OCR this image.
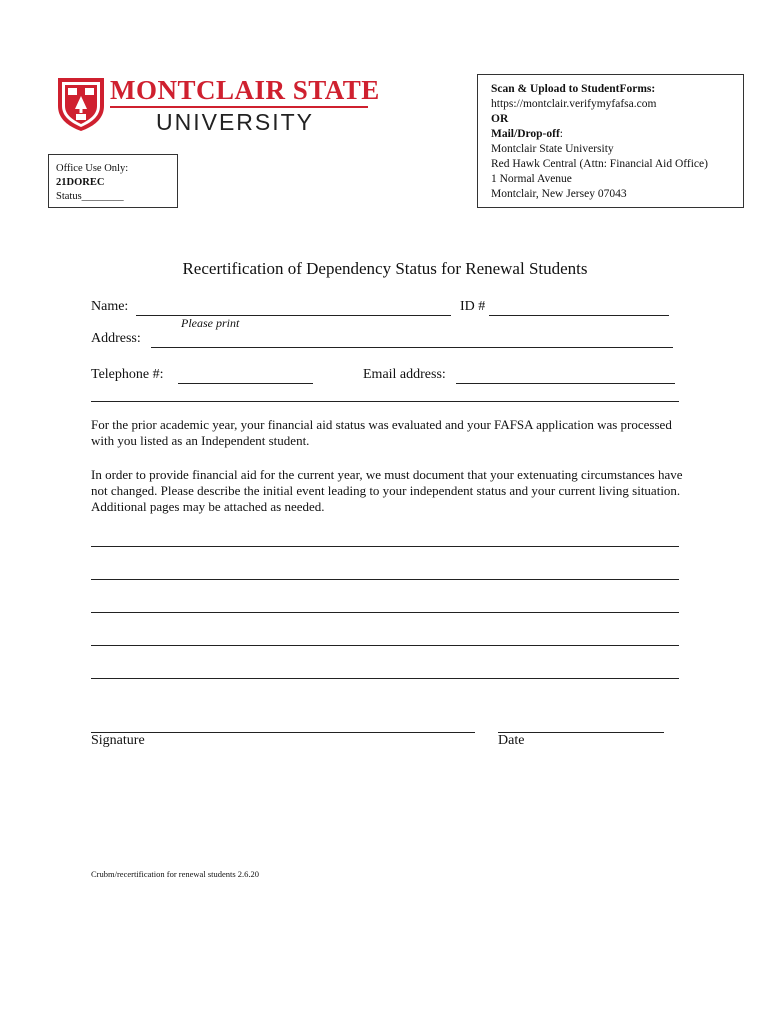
MONTCLAIR STATE
UNIVERSITY
Office Use Only:
21DOREC
Status________
Scan & Upload to StudentForms:
https://montclair.verifymyfafsa.com
OR
Mail/Drop-off:
Montclair State University
Red Hawk Central (Attn: Financial Aid Office)
1 Normal Avenue
Montclair, New Jersey 07043
Recertification of Dependency Status for Renewal Students
Name:	ID #
Please print
Address:
Telephone #:	Email address:
For the prior academic year, your financial aid status was evaluated and your FAFSA application was processed with you listed as an Independent student.
In order to provide financial aid for the current year, we must document that your extenuating circumstances have not changed. Please describe the initial event leading to your independent status and your current living situation. Additional pages may be attached as needed.
Signature	Date
Crubm/recertification for renewal students 2.6.20
